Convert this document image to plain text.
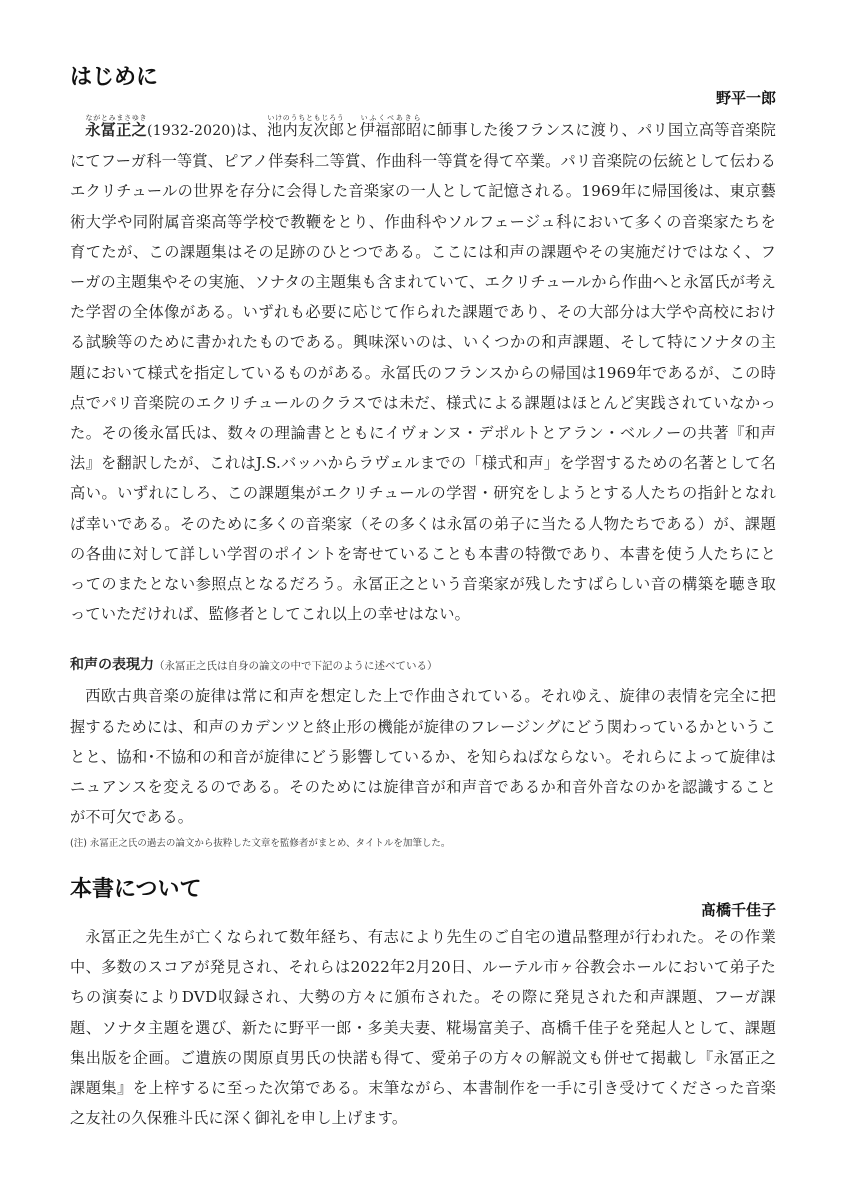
はじめに
野平一郎

永冨正之ながとみまさゆき(1932-2020)は、池内友次郎いけのうちともじろうと伊福部昭いふくべあきらに師事した後フランスに渡り、パリ国立高等音楽院にてフーガ科一等賞、ピアノ伴奏科二等賞、作曲科一等賞を得て卒業。パリ音楽院の伝統として伝わるエクリチュールの世界を存分に会得した音楽家の一人として記憶される。1969年に帰国後は、東京藝術大学や同附属音楽高等学校で教鞭をとり、作曲科やソルフェージュ科において多くの音楽家たちを育てたが、この課題集はその足跡のひとつである。ここには和声の課題やその実施だけではなく、フーガの主題集やその実施、ソナタの主題集も含まれていて、エクリチュールから作曲へと永冨氏が考えた学習の全体像がある。いずれも必要に応じて作られた課題であり、その大部分は大学や高校における試験等のために書かれたものである。興味深いのは、いくつかの和声課題、そして特にソナタの主題において様式を指定しているものがある。永冨氏のフランスからの帰国は1969年であるが、この時点でパリ音楽院のエクリチュールのクラスでは未だ、様式による課題はほとんど実践されていなかった。その後永冨氏は、数々の理論書とともにイヴォンヌ・デポルトとアラン・ベルノーの共著『和声法』を翻訳したが、これはJ.S.バッハからラヴェルまでの「様式和声」を学習するための名著として名高い。いずれにしろ、この課題集がエクリチュールの学習・研究をしようとする人たちの指針となれば幸いである。そのために多くの音楽家（その多くは永冨の弟子に当たる人物たちである）が、課題の各曲に対して詳しい学習のポイントを寄せていることも本書の特徴であり、本書を使う人たちにとってのまたとない参照点となるだろう。永冨正之という音楽家が残したすばらしい音の構築を聴き取っていただければ、監修者としてこれ以上の幸せはない。

和声の表現力（永冨正之氏は自身の論文の中で下記のように述べている）

西欧古典音楽の旋律は常に和声を想定した上で作曲されている。それゆえ、旋律の表情を完全に把握するためには、和声のカデンツと終止形の機能が旋律のフレージングにどう関わっているかということと、協和･不協和の和音が旋律にどう影響しているか、を知らねばならない。それらによって旋律はニュアンスを変えるのである。そのためには旋律音が和声音であるか和音外音なのかを認識することが不可欠である。

(注) 永冨正之氏の過去の論文から抜粋した文章を監修者がまとめ、タイトルを加筆した。
本書について
髙橋千佳子

永冨正之先生が亡くなられて数年経ち、有志により先生のご自宅の遺品整理が行われた。その作業中、多数のスコアが発見され、それらは2022年2月20日、ルーテル市ヶ谷教会ホールにおいて弟子たちの演奏によりDVD収録され、大勢の方々に頒布された。その際に発見された和声課題、フーガ課題、ソナタ主題を選び、新たに野平一郎・多美夫妻、糀場富美子、髙橋千佳子を発起人として、課題集出版を企画。ご遺族の関原貞男氏の快諾も得て、愛弟子の方々の解説文も併せて掲載し『永冨正之 課題集』を上梓するに至った次第である。末筆ながら、本書制作を一手に引き受けてくださった音楽之友社の久保雅斗氏に深く御礼を申し上げます。
